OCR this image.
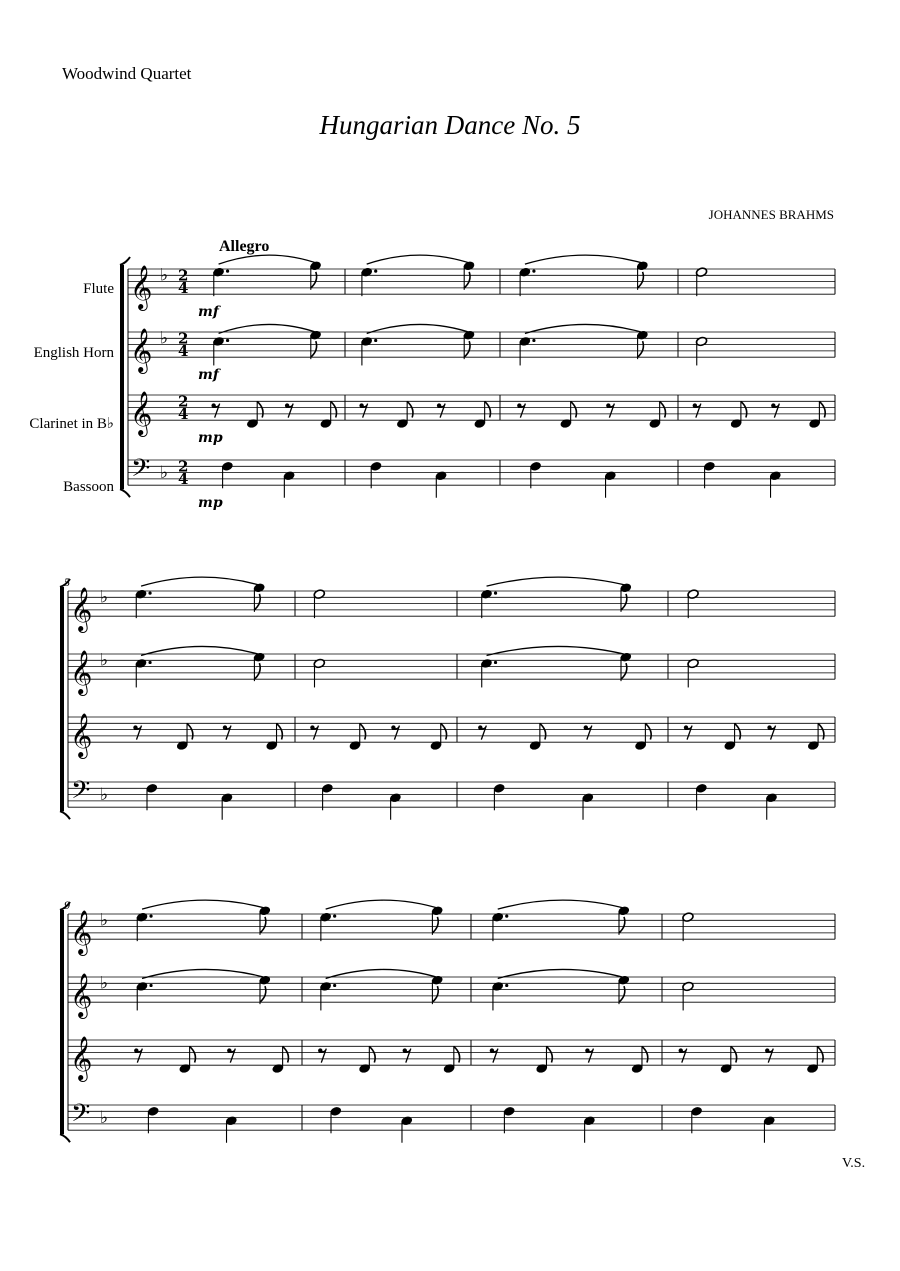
Woodwind Quartet
Hungarian Dance No. 5
JOHANNES BRAHMS
Allegro
Flute
English Horn
Clarinet in B♭
Bassoon
5
9
V.S.
𝄞 ♭ 2
4
mf
𝄞 ♭ 2
4
mf
𝄞 2
4
mp
𝄢 ♭ 2
4
mp
𝄞 ♭
𝄞 ♭
𝄞
𝄢 ♭
𝄞 ♭
𝄞 ♭
𝄞
𝄢 ♭
